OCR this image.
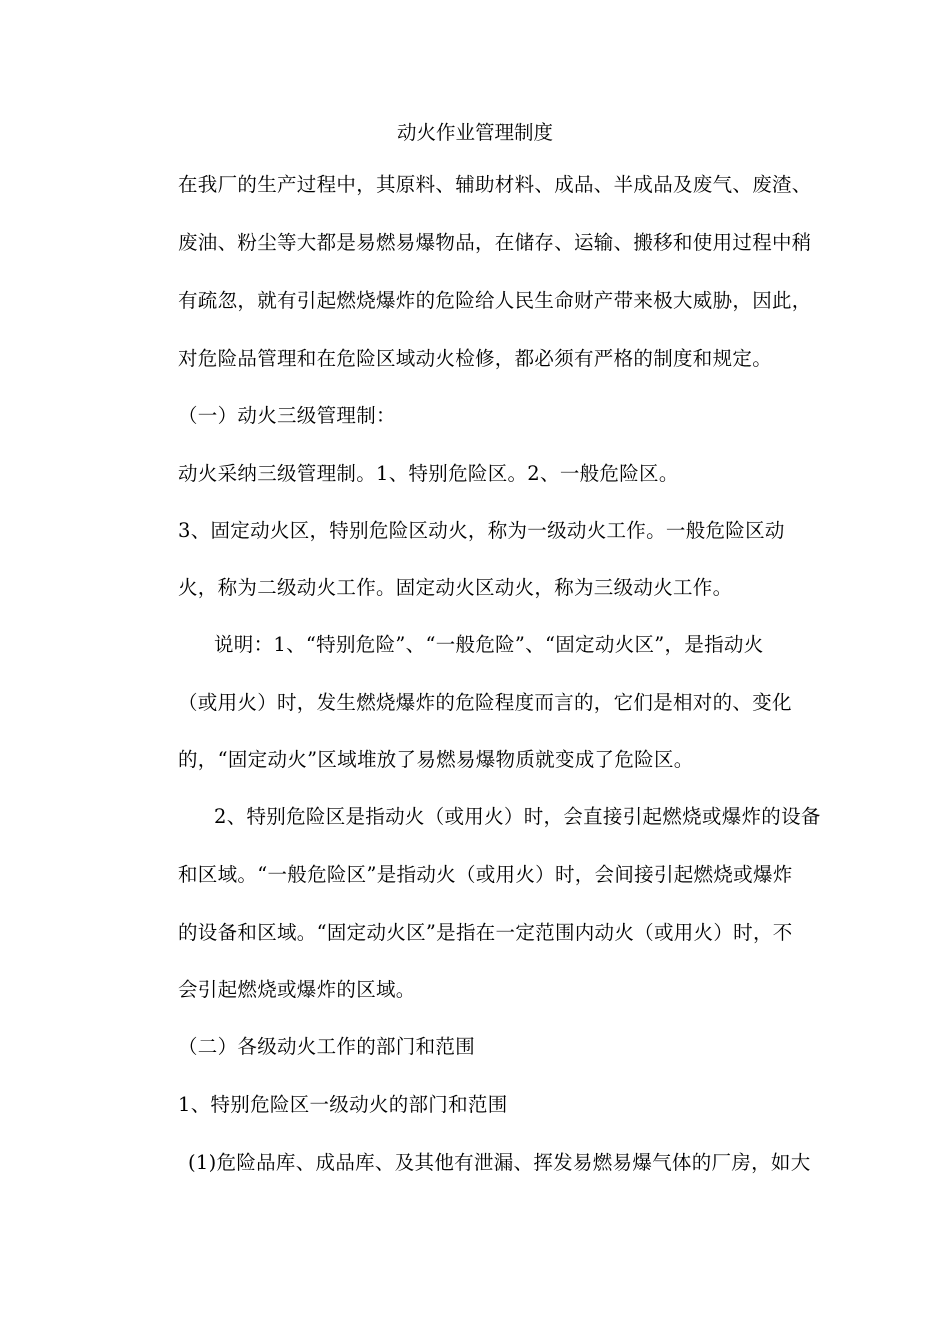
动火作业管理制度
在我厂的生产过程中，其原料、辅助材料、成品、半成品及废气、废渣、
废油、粉尘等大都是易燃易爆物品，在储存、运输、搬移和使用过程中稍
有疏忽，就有引起燃烧爆炸的危险给人民生命财产带来极大威胁，因此，
对危险品管理和在危险区域动火检修，都必须有严格的制度和规定。
（一）动火三级管理制：
动火采纳三级管理制。1、特别危险区。2、一般危险区。
3、固定动火区，特别危险区动火，称为一级动火工作。一般危险区动
火，称为二级动火工作。固定动火区动火，称为三级动火工作。
说明：1、“特别危险”、“一般危险”、“固定动火区”，是指动火
（或用火）时，发生燃烧爆炸的危险程度而言的，它们是相对的、变化
的，“固定动火”区域堆放了易燃易爆物质就变成了危险区。
2、特别危险区是指动火（或用火）时，会直接引起燃烧或爆炸的设备
和区域。“一般危险区”是指动火（或用火）时，会间接引起燃烧或爆炸
的设备和区域。“固定动火区”是指在一定范围内动火（或用火）时，不
会引起燃烧或爆炸的区域。
（二）各级动火工作的部门和范围
1、特别危险区一级动火的部门和范围
(1)危险品库、成品库、及其他有泄漏、挥发易燃易爆气体的厂房，如大
